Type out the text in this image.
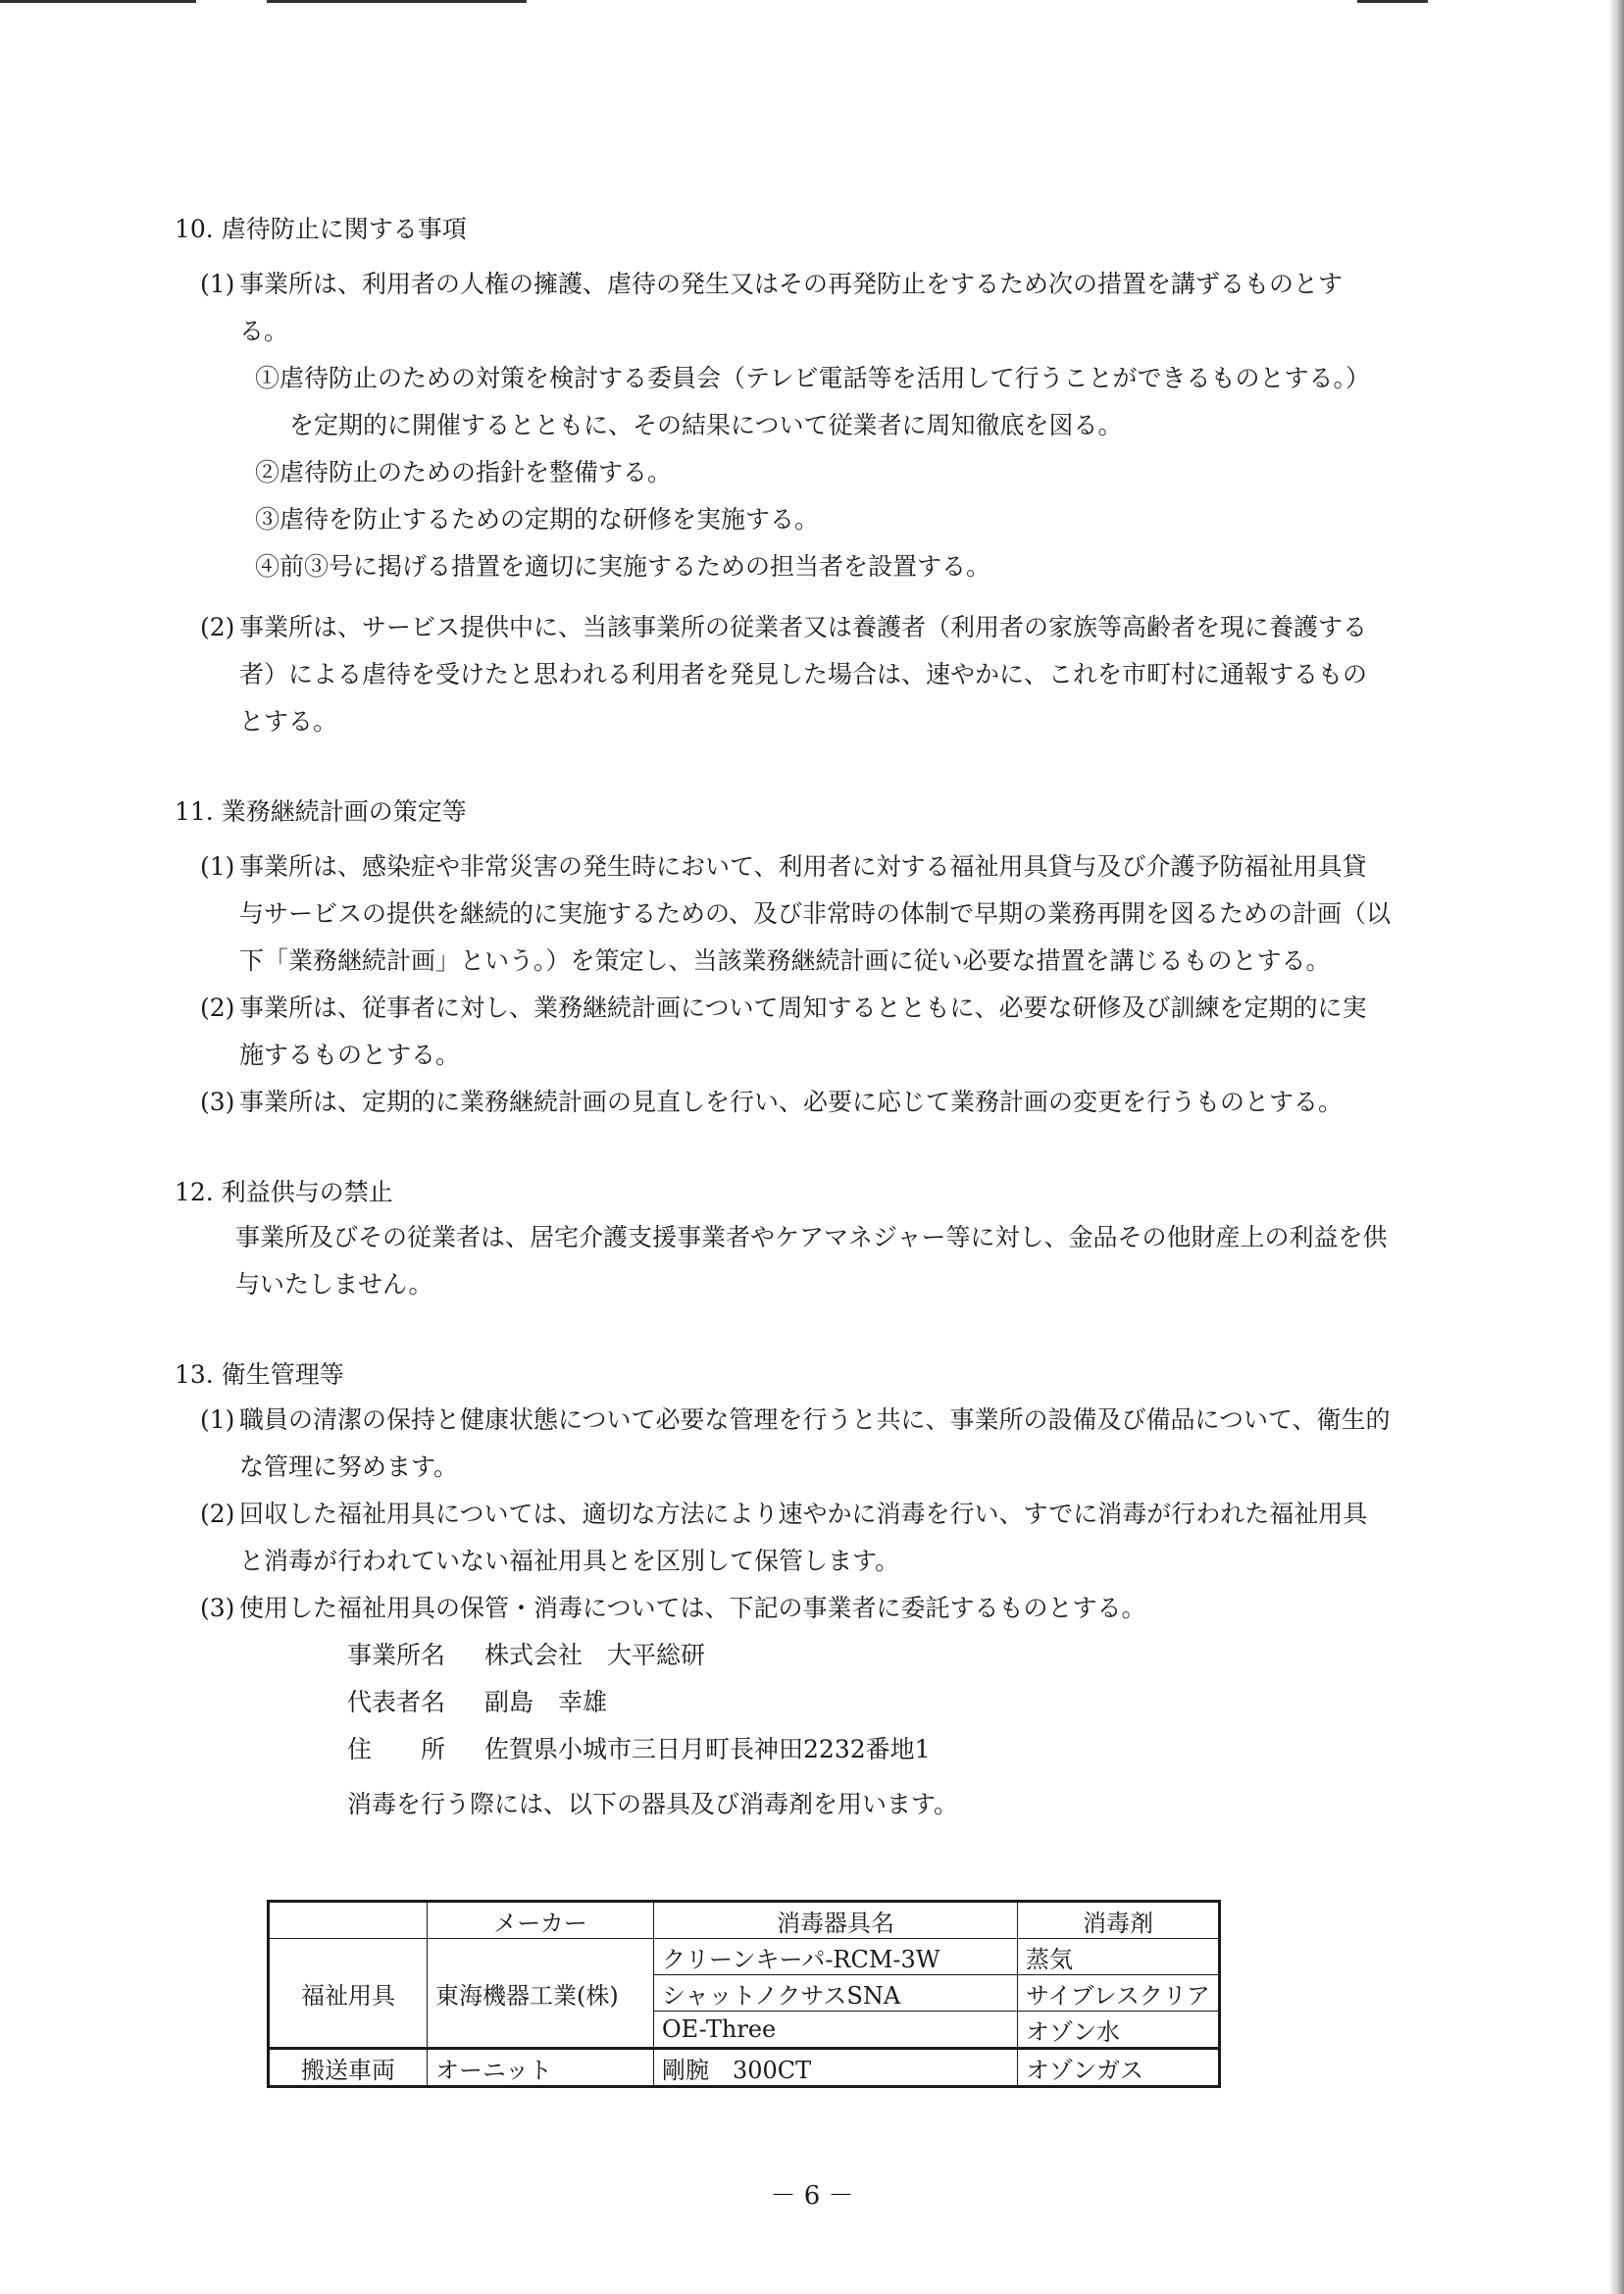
10. 虐待防止に関する事項
(1) 事業所は、利用者の人権の擁護、虐待の発生又はその再発防止をするため次の措置を講ずるものとする。
①虐待防止のための対策を検討する委員会（テレビ電話等を活用して行うことができるものとする。）を定期的に開催するとともに、その結果について従業者に周知徹底を図る。
②虐待防止のための指針を整備する。
③虐待を防止するための定期的な研修を実施する。
④前③号に掲げる措置を適切に実施するための担当者を設置する。
(2) 事業所は、サービス提供中に、当該事業所の従業者又は養護者（利用者の家族等高齢者を現に養護する者）による虐待を受けたと思われる利用者を発見した場合は、速やかに、これを市町村に通報するものとする。
11. 業務継続計画の策定等
(1) 事業所は、感染症や非常災害の発生時において、利用者に対する福祉用具貸与及び介護予防福祉用具貸与サービスの提供を継続的に実施するための、及び非常時の体制で早期の業務再開を図るための計画（以下「業務継続計画」という。）を策定し、当該業務継続計画に従い必要な措置を講じるものとする。
(2) 事業所は、従事者に対し、業務継続計画について周知するとともに、必要な研修及び訓練を定期的に実施するものとする。
(3) 事業所は、定期的に業務継続計画の見直しを行い、必要に応じて業務計画の変更を行うものとする。
12. 利益供与の禁止
事業所及びその従業者は、居宅介護支援事業者やケアマネジャー等に対し、金品その他財産上の利益を供与いたしません。
13. 衛生管理等
(1) 職員の清潔の保持と健康状態について必要な管理を行うと共に、事業所の設備及び備品について、衛生的な管理に努めます。
(2) 回収した福祉用具については、適切な方法により速やかに消毒を行い、すでに消毒が行われた福祉用具と消毒が行われていない福祉用具とを区別して保管します。
(3) 使用した福祉用具の保管・消毒については、下記の事業者に委託するものとする。
事業所名 株式会社　大平総研
代表者名 副島　幸雄
住　　所 佐賀県小城市三日月町長神田2232番地1
消毒を行う際には、以下の器具及び消毒剤を用います。
	メーカー	消毒器具名	消毒剤
福祉用具	東海機器工業(株)	クリーンキーパ-RCM-3W	蒸気
		シャットノクサスSNA	サイブレスクリア
		OE-Three	オゾン水
搬送車両	オーニット	剛腕　300CT	オゾンガス
－ 6 －
